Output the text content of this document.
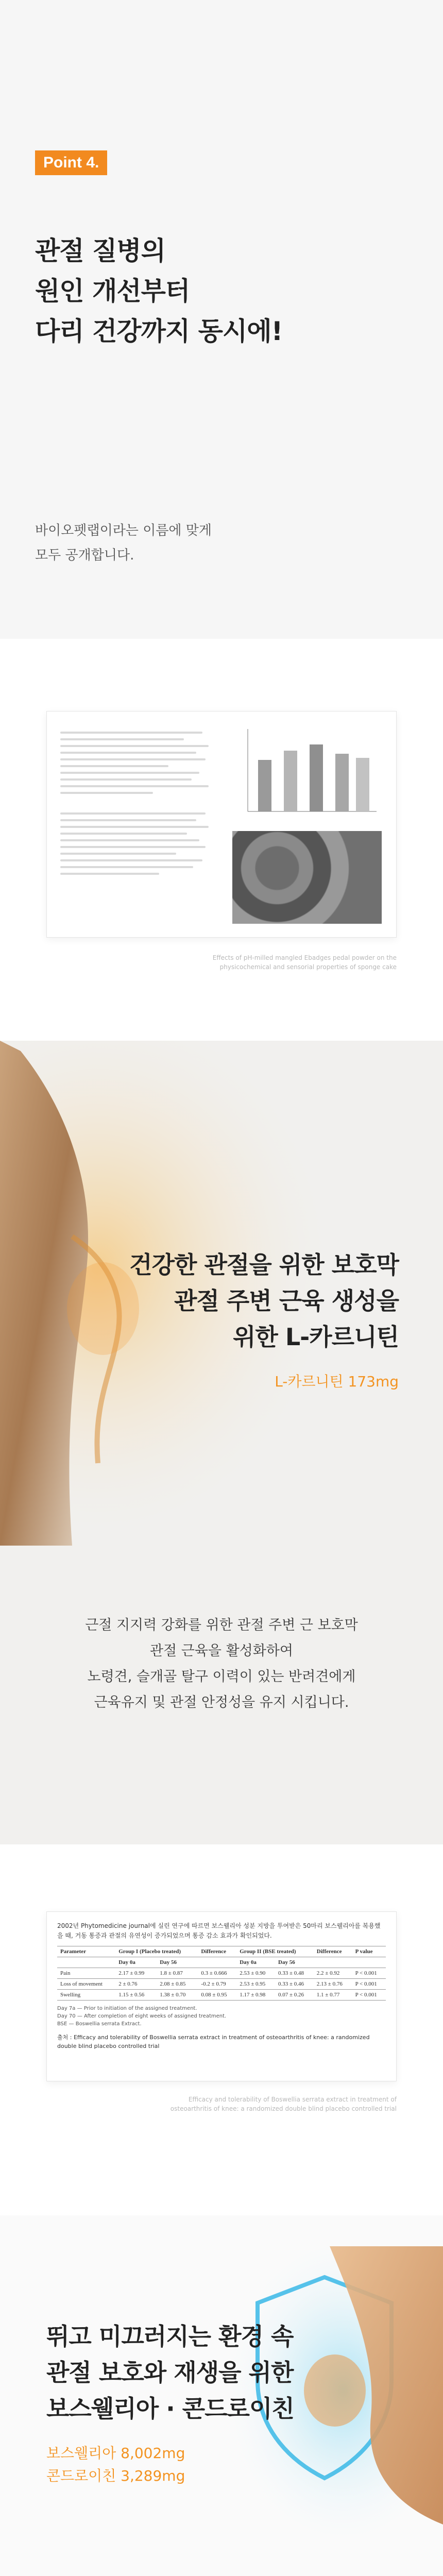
Point 4.
관절 질병의
원인 개선부터
다리 건강까지 동시에!

바이오펫랩이라는 이름에 맞게
모두 공개합니다.

Effects of pH-milled mangled Ebadges pedal powder on the
physicochemical and sensorial properties of sponge cake
건강한 관절을 위한 보호막
관절 주변 근육 생성을
위한 L-카르니틴
L-카르니틴 173mg

근절 지지력 강화를 위한 관절 주변 근 보호막
관절 근육을 활성화하여
노령견, 슬개골 탈구 이력이 있는 반려견에게
근육유지 및 관절 안정성을 유지 시킵니다.

2002년 Phytomedicine journal에 실린 연구에 따르면 보스웰리아 성분 지방을 투여받은 50마리 보스웰리아를 복용했을 때, 거동 통증과 관절의 유연성이 증가되었으며 통증 감소 효과가 확인되었다.
Parameter	Group I (Placebo treated)		Difference	Group II (BSE treated)		Difference	P value
	Day 0a	Day 56		Day 0a	Day 56		
Pain	2.17 ± 0.99	1.8 ± 0.87	0.3 ± 0.666	2.53 ± 0.90	0.33 ± 0.48	2.2 ± 0.92	P < 0.001
Loss of movement	2 ± 0.76	2.08 ± 0.85	-0.2 ± 0.79	2.53 ± 0.95	0.33 ± 0.46	2.13 ± 0.76	P < 0.001
Swelling	1.15 ± 0.56	1.38 ± 0.70	0.08 ± 0.95	1.17 ± 0.98	0.07 ± 0.26	1.1 ± 0.77	P < 0.001
Day 7a — Prior to initiation of the assigned treatment.
Day 70 — After completion of eight weeks of assigned treatment.
BSE — Boswellia serrata Extract.
출처 : Efficacy and tolerability of Boswellia serrata extract in treatment of osteoarthritis of knee: a randomized double blind placebo controlled trial
Efficacy and tolerability of Boswellia serrata extract in treatment of
osteoarthritis of knee: a randomized double blind placebo controlled trial
뛰고 미끄러지는 환경 속
관절 보호와 재생을 위한
보스웰리아 · 콘드로이친
보스웰리아 8,002mg
콘드로이친 3,289mg
